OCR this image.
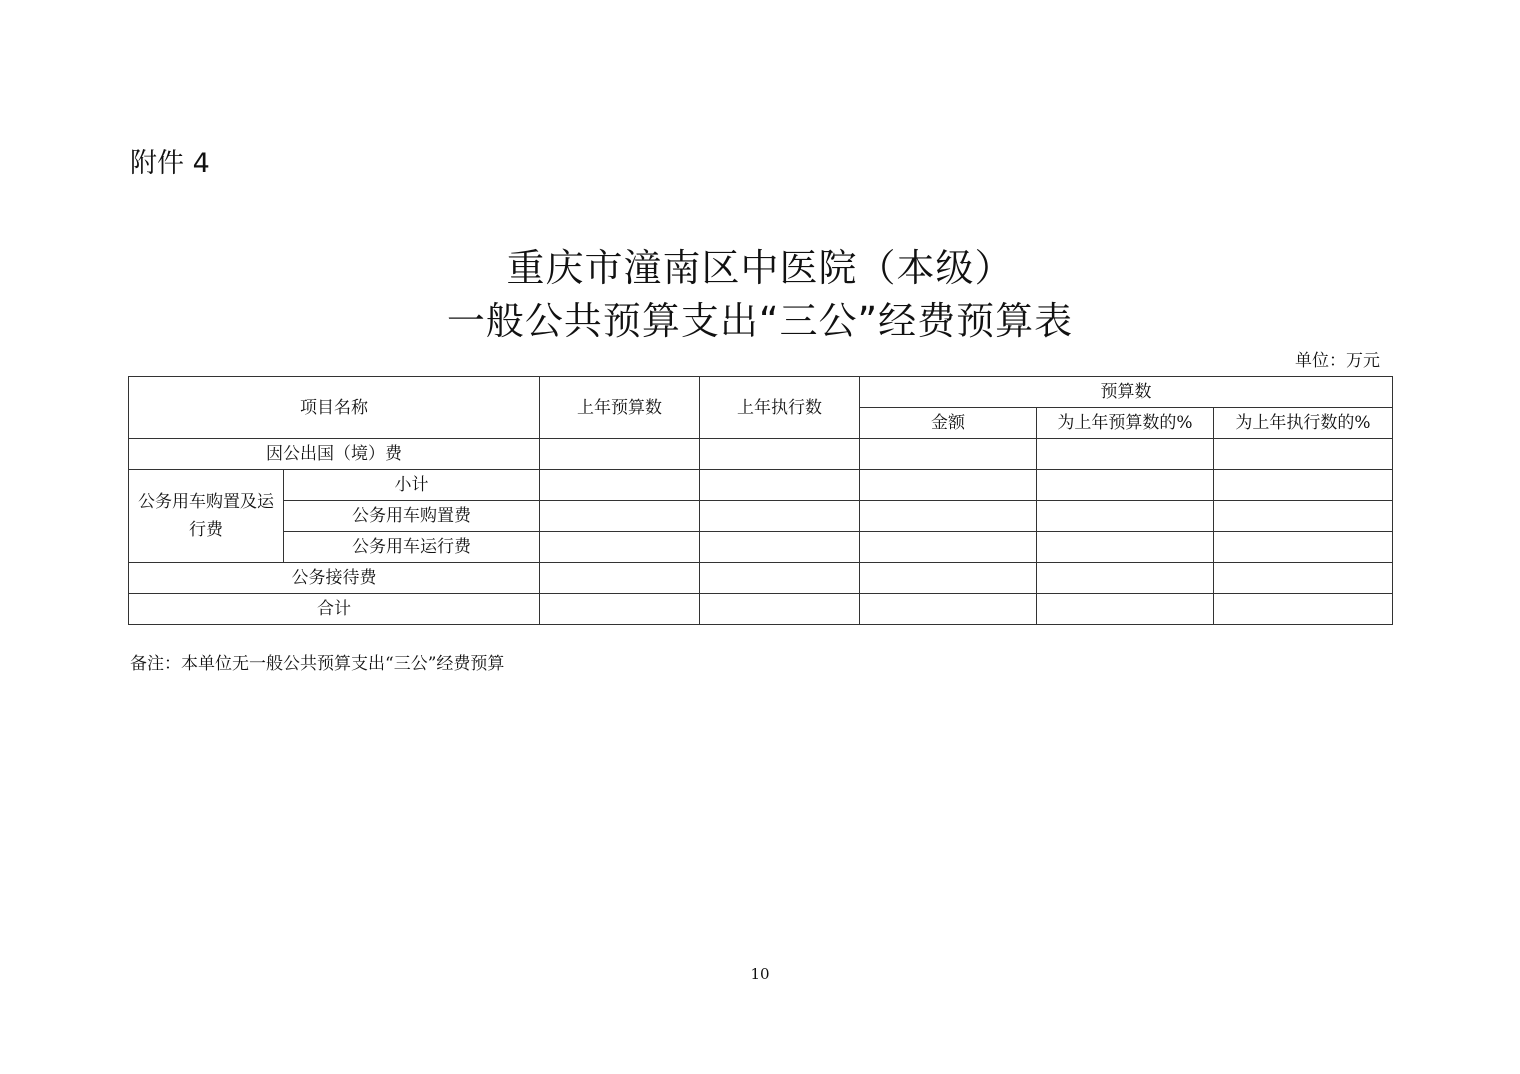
附件 4
重庆市潼南区中医院（本级）
一般公共预算支出“三公”经费预算表
单位：万元
项目名称		上年预算数	上年执行数	预算数		
				金额	为上年预算数的%	为上年执行数的%
因公出国（境）费						
公务用车购置及运行费	小计					
	公务用车购置费					
	公务用车运行费					
公务接待费						
合计						
备注：本单位无一般公共预算支出“三公”经费预算
10
